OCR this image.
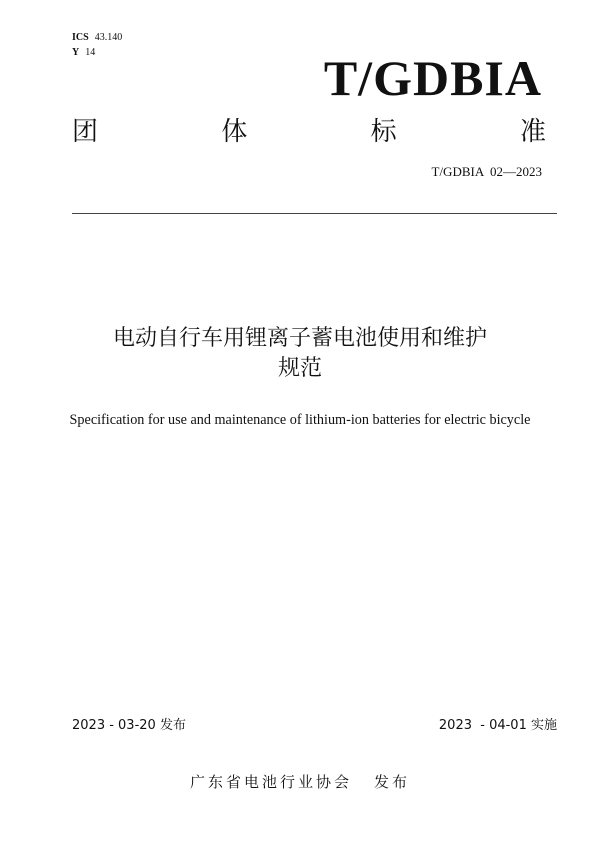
ICS 43.140
Y 14	T/GDBIA
团	体	标	准
T/GDBIA  02—2023
电动自行车用锂离子蓄电池使用和维护
规范
Specification for use and maintenance of lithium-ion batteries for electric bicycle
2023 - 03-20 发布	2023  - 04-01 实施
广东省电池行业协会 发布
